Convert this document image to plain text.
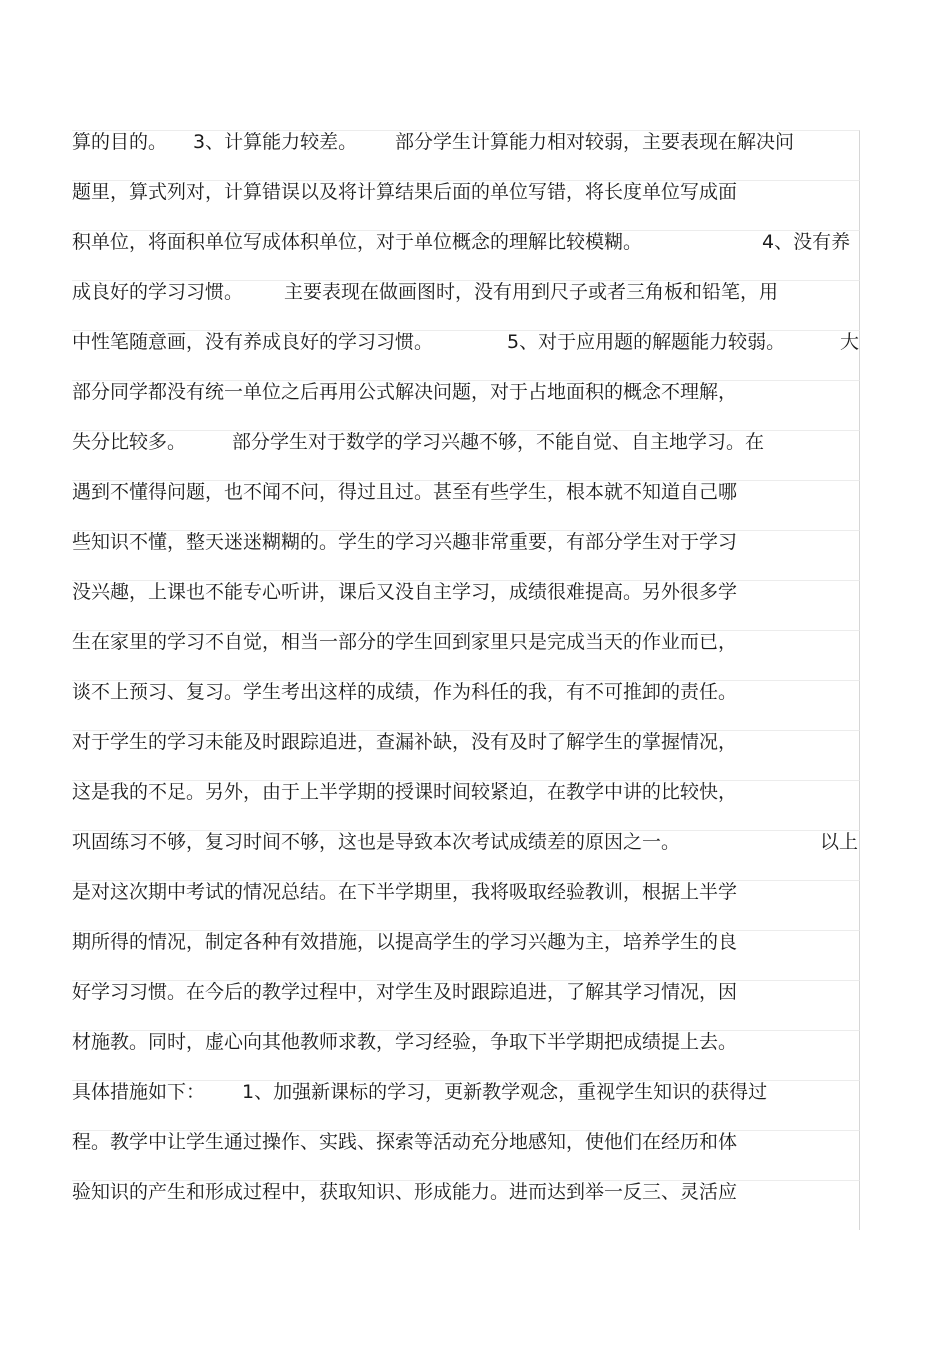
算的目的。 3、计算能力较差。 部分学生计算能力相对较弱，主要表现在解决问
题里，算式列对，计算错误以及将计算结果后面的单位写错，将长度单位写成面
积单位，将面积单位写成体积单位，对于单位概念的理解比较模糊。	4、没有养
成良好的学习习惯。 主要表现在做画图时，没有用到尺子或者三角板和铅笔，用
中性笔随意画，没有养成良好的学习习惯。	5、对于应用题的解题能力较弱。	大
部分同学都没有统一单位之后再用公式解决问题，对于占地面积的概念不理解，
失分比较多。 部分学生对于数学的学习兴趣不够，不能自觉、自主地学习。在
遇到不懂得问题，也不闻不问，得过且过。甚至有些学生，根本就不知道自己哪
些知识不懂，整天迷迷糊糊的。学生的学习兴趣非常重要，有部分学生对于学习
没兴趣，上课也不能专心听讲，课后又没自主学习，成绩很难提高。另外很多学
生在家里的学习不自觉，相当一部分的学生回到家里只是完成当天的作业而已，
谈不上预习、复习。学生考出这样的成绩，作为科任的我，有不可推卸的责任。
对于学生的学习未能及时跟踪追进，查漏补缺，没有及时了解学生的掌握情况，
这是我的不足。另外，由于上半学期的授课时间较紧迫，在教学中讲的比较快，
巩固练习不够，复习时间不够，这也是导致本次考试成绩差的原因之一。	以上
是对这次期中考试的情况总结。在下半学期里，我将吸取经验教训，根据上半学
期所得的情况，制定各种有效措施，以提高学生的学习兴趣为主，培养学生的良
好学习习惯。在今后的教学过程中，对学生及时跟踪追进，了解其学习情况，因
材施教。同时，虚心向其他教师求教，学习经验，争取下半学期把成绩提上去。
具体措施如下： 1、加强新课标的学习，更新教学观念，重视学生知识的获得过
程。教学中让学生通过操作、实践、探索等活动充分地感知，使他们在经历和体
验知识的产生和形成过程中，获取知识、形成能力。进而达到举一反三、灵活应
